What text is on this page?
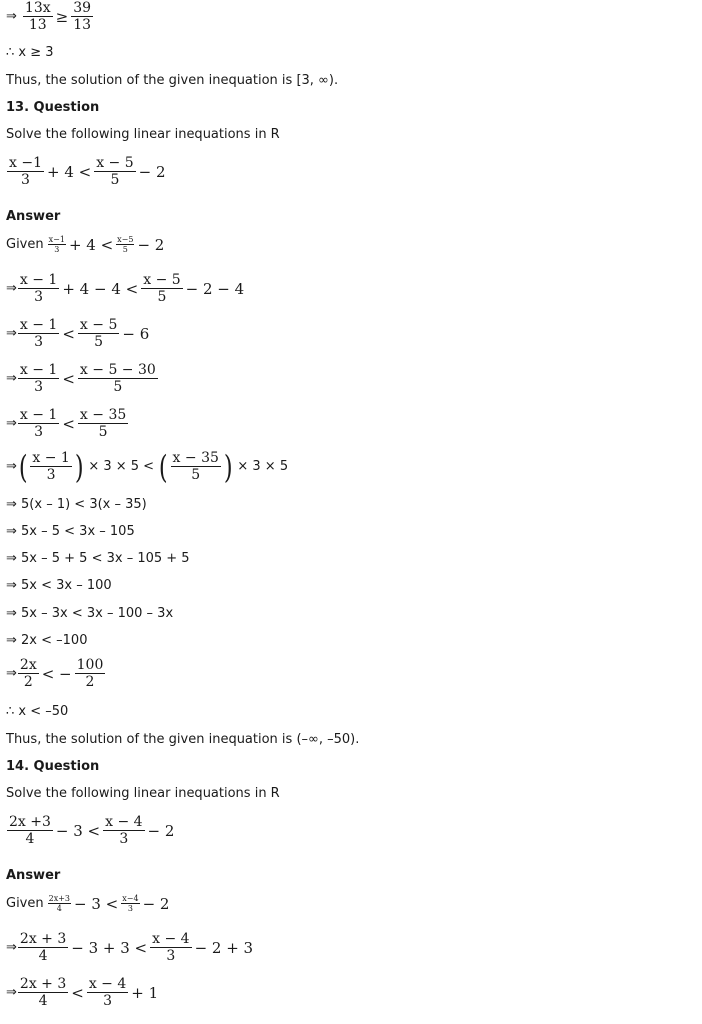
⇒ $\frac{13x}{13} \ge \frac{39}{13}$
∴ x ≥ 3
Thus, the solution of the given inequation is [3, ∞).
13. Question
Solve the following linear inequations in R
$\frac{x -1}{3} + 4 < \frac{x - 5}{5} - 2$
Answer
Given $\frac{x-1}{3} + 4 < \frac{x-5}{5} - 2$
⇒ $\frac{x - 1}{3} + 4 - 4 < \frac{x - 5}{5} - 2 - 4$
⇒ $\frac{x - 1}{3} < \frac{x - 5}{5} - 6$
⇒ $\frac{x - 1}{3} < \frac{x - 5 - 30}{5}$
⇒ $\frac{x - 1}{3} < \frac{x - 35}{5}$
⇒ ( $\frac{x - 1}{3}$ ) × 3 × 5 < ( $\frac{x - 35}{5}$ ) × 3 × 5
⇒ 5(x – 1) < 3(x – 35)
⇒ 5x – 5 < 3x – 105
⇒ 5x – 5 + 5 < 3x – 105 + 5
⇒ 5x < 3x – 100
⇒ 5x – 3x < 3x – 100 – 3x
⇒ 2x < –100
⇒ $\frac{2x}{2}$ < − $\frac{100}{2}$
∴ x < –50
Thus, the solution of the given inequation is (–∞, –50).
14. Question
Solve the following linear inequations in R
$\frac{2x +3}{4} - 3 < \frac{x - 4}{3} - 2$
Answer
Given $\frac{2x+3}{4} - 3 < \frac{x-4}{3} - 2$
⇒ $\frac{2x + 3}{4} - 3 + 3 < \frac{x - 4}{3} - 2 + 3$
⇒ $\frac{2x + 3}{4} < \frac{x - 4}{3} + 1$
